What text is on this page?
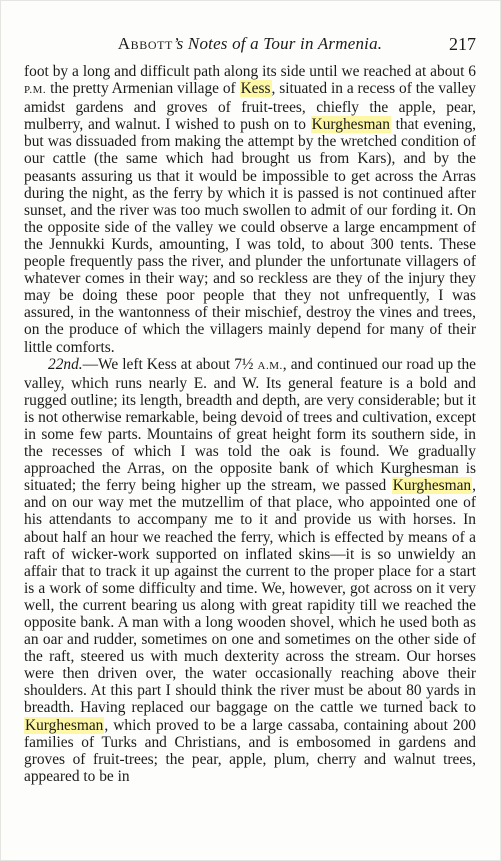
Abbott’s Notes of a Tour in Armenia.	217

foot by a long and difficult path along its side until we reached at about 6 P.M. the pretty Armenian village of Kess, situated in a recess of the valley amidst gardens and groves of fruit-trees, chiefly the apple, pear, mulberry, and walnut. I wished to push on to Kurghesman that evening, but was dissuaded from making the attempt by the wretched condition of our cattle (the same which had brought us from Kars), and by the peasants assuring us that it would be impossible to get across the Arras during the night, as the ferry by which it is passed is not continued after sunset, and the river was too much swollen to admit of our fording it. On the opposite side of the valley we could observe a large encampment of the Jennukki Kurds, amounting, I was told, to about 300 tents. These people frequently pass the river, and plunder the unfortunate villagers of whatever comes in their way; and so reckless are they of the injury they may be doing these poor people that they not unfrequently, I was assured, in the wantonness of their mischief, destroy the vines and trees, on the produce of which the villagers mainly depend for many of their little comforts.

22nd.—We left Kess at about 7½ A.M., and continued our road up the valley, which runs nearly E. and W. Its general feature is a bold and rugged outline; its length, breadth and depth, are very considerable; but it is not otherwise remarkable, being devoid of trees and cultivation, except in some few parts. Mountains of great height form its southern side, in the recesses of which I was told the oak is found. We gradually approached the Arras, on the opposite bank of which Kurghesman is situated; the ferry being higher up the stream, we passed Kurghesman, and on our way met the mutzellim of that place, who appointed one of his attendants to accompany me to it and provide us with horses. In about half an hour we reached the ferry, which is effected by means of a raft of wicker-work supported on inflated skins—it is so unwieldy an affair that to track it up against the current to the proper place for a start is a work of some difficulty and time. We, however, got across on it very well, the current bearing us along with great rapidity till we reached the opposite bank. A man with a long wooden shovel, which he used both as an oar and rudder, sometimes on one and sometimes on the other side of the raft, steered us with much dexterity across the stream. Our horses were then driven over, the water occasionally reaching above their shoulders. At this part I should think the river must be about 80 yards in breadth. Having replaced our baggage on the cattle we turned back to Kurghesman, which proved to be a large cassaba, containing about 200 families of Turks and Christians, and is embosomed in gardens and groves of fruit-trees; the pear, apple, plum, cherry and walnut trees, appeared to be in
